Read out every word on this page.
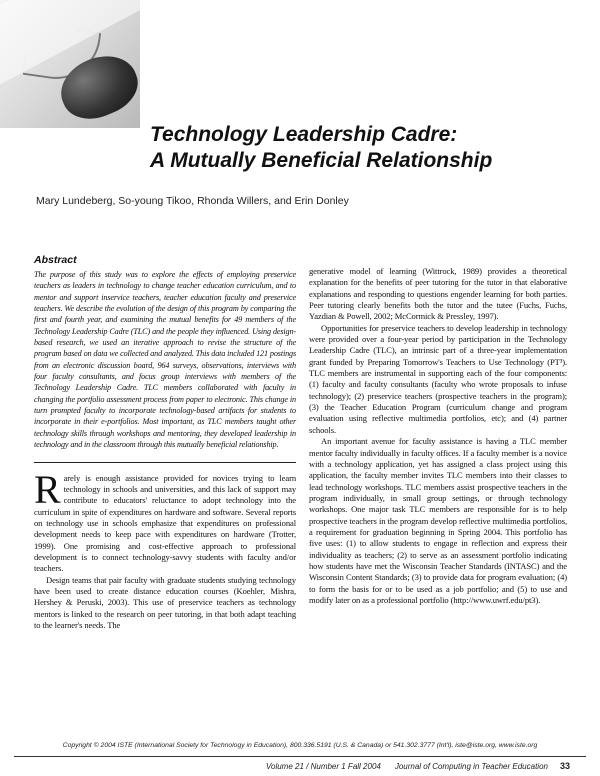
Technology Leadership Cadre:
A Mutually Beneficial Relationship
Mary Lundeberg, So-young Tikoo, Rhonda Willers, and Erin Donley
Abstract

The purpose of this study was to explore the effects of employing preservice teachers as leaders in technology to change teacher education curriculum, and to mentor and support inservice teachers, teacher education faculty and preservice teachers. We describe the evolution of the design of this program by comparing the first and fourth year, and examining the mutual benefits for 49 members of the Technology Leadership Cadre (TLC) and the people they influenced. Using design-based research, we used an iterative approach to revise the structure of the program based on data we collected and analyzed. This data included 121 postings from an electronic discussion board, 964 surveys, observations, interviews with four faculty consultants, and focus group interviews with members of the Technology Leadership Cadre. TLC members collaborated with faculty in changing the portfolio assessment process from paper to electronic. This change in turn prompted faculty to incorporate technology-based artifacts for students to incorporate in their e-portfolios. Most important, as TLC members taught other technology skills through workshops and mentoring, they developed leadership in technology and in the classroom through this mutually beneficial relationship.

Rarely is enough assistance provided for novices trying to learn technology in schools and universities, and this lack of support may contribute to educators' reluctance to adopt technology into the curriculum in spite of expenditures on hardware and software. Several reports on technology use in schools emphasize that expenditures on professional development needs to keep pace with expenditures on hardware (Trotter, 1999). One promising and cost-effective approach to professional development is to connect technology-savvy students with faculty and/or teachers.

Design teams that pair faculty with graduate students studying technology have been used to create distance education courses (Koehler, Mishra, Hershey & Peruski, 2003). This use of preservice teachers as technology mentors is linked to the research on peer tutoring, in that both adapt teaching to the learner's needs. The

generative model of learning (Wittrock, 1989) provides a theoretical explanation for the benefits of peer tutoring for the tutor in that elaborative explanations and responding to questions engender learning for both parties. Peer tutoring clearly benefits both the tutor and the tutee (Fuchs, Fuchs, Yazdian & Powell, 2002; McCormick & Pressley, 1997).

Opportunities for preservice teachers to develop leadership in technology were provided over a four-year period by participation in the Technology Leadership Cadre (TLC), an intrinsic part of a three-year implementation grant funded by Preparing Tomorrow's Teachers to Use Technology (PT³). TLC members are instrumental in supporting each of the four components: (1) faculty and faculty consultants (faculty who wrote proposals to infuse technology); (2) preservice teachers (prospective teachers in the program); (3) the Teacher Education Program (curriculum change and program evaluation using reflective multimedia portfolios, etc); and (4) partner schools.

An important avenue for faculty assistance is having a TLC member mentor faculty individually in faculty offices. If a faculty member is a novice with a technology application, yet has assigned a class project using this application, the faculty member invites TLC members into their classes to lead technology workshops. TLC members assist prospective teachers in the program individually, in small group settings, or through technology workshops. One major task TLC members are responsible for is to help prospective teachers in the program develop reflective multimedia portfolios, a requirement for graduation beginning in Spring 2004. This portfolio has five uses: (1) to allow students to engage in reflection and express their individuality as teachers; (2) to serve as an assessment portfolio indicating how students have met the Wisconsin Teacher Standards (INTASC) and the Wisconsin Content Standards; (3) to provide data for program evaluation; (4) to form the basis for or to be used as a job portfolio; and (5) to use and modify later on as a professional portfolio (http://www.uwrf.edu/pt3).

Copyright © 2004 ISTE (International Society for Technology in Education), 800.336.5191 (U.S. & Canada) or 541.302.3777 (Int'l), iste@iste.org, www.iste.org
Volume 21 / Number 1 Fall 2004 Journal of Computing in Teacher Education 33
